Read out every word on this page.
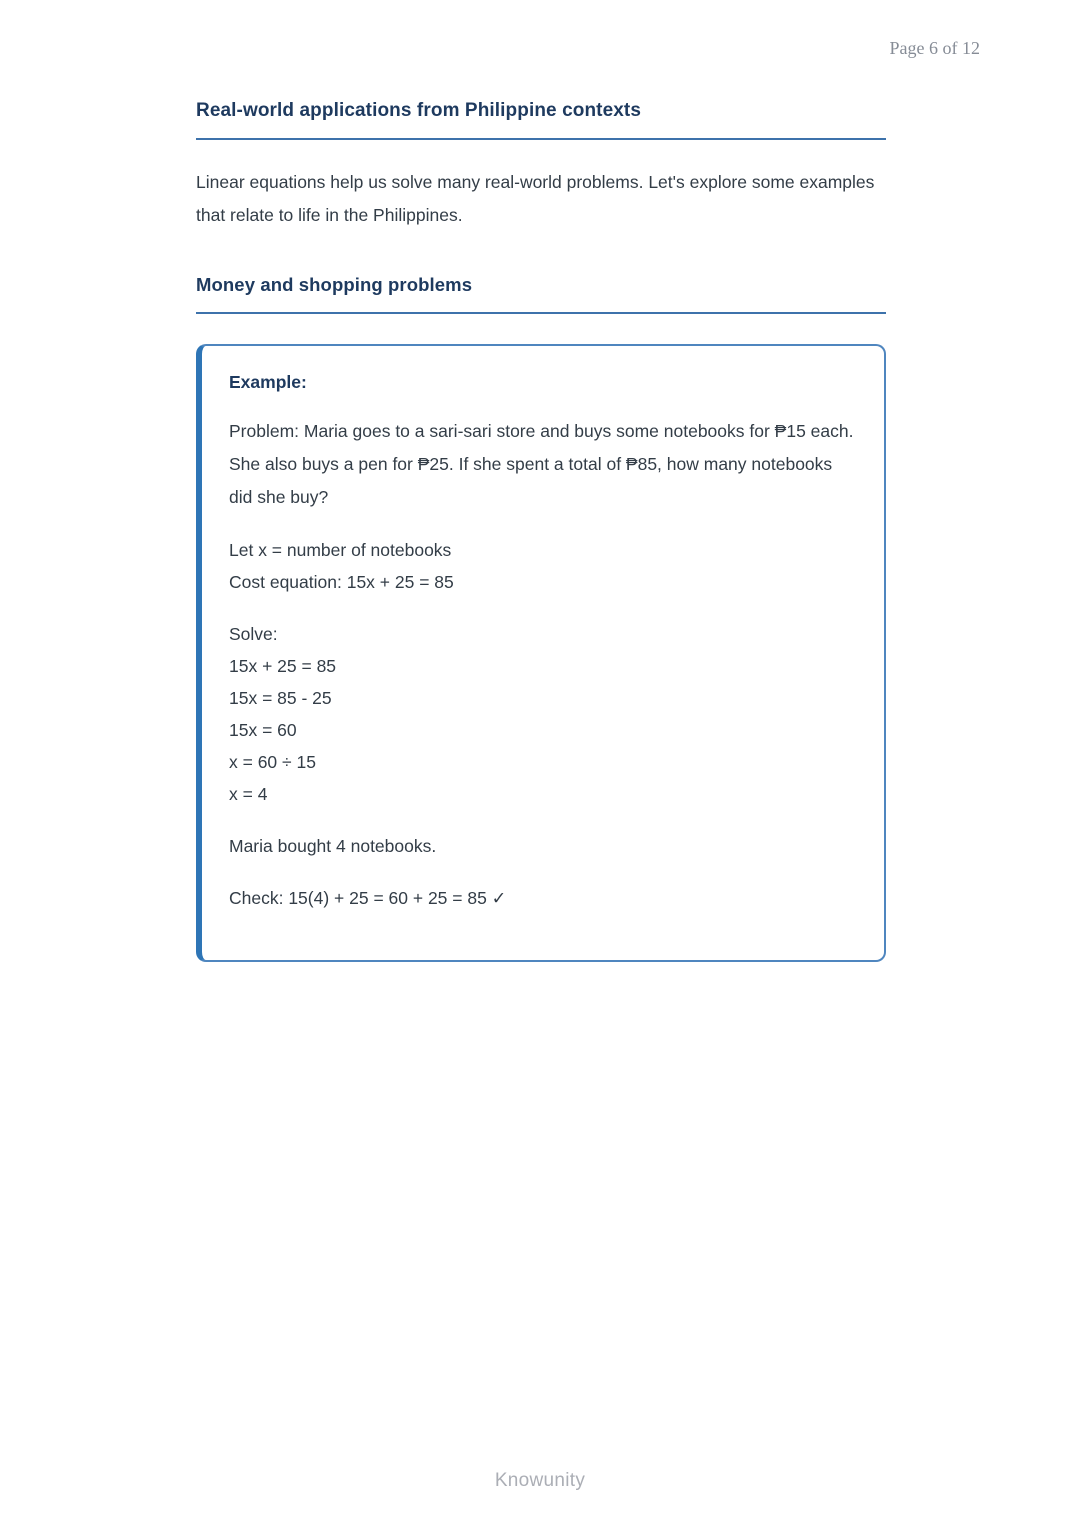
Page 6 of 12
Real-world applications from Philippine contexts

Linear equations help us solve many real-world problems. Let's explore some examples that relate to life in the Philippines.

Money and shopping problems

Example:

Problem: Maria goes to a sari-sari store and buys some notebooks for ₱15 each. She also buys a pen for ₱25. If she spent a total of ₱85, how many notebooks did she buy?

Let x = number of notebooks
Cost equation: 15x + 25 = 85
Solve:
15x + 25 = 85
15x = 85 - 25
15x = 60
x = 60 ÷ 15
x = 4

Maria bought 4 notebooks.

Check: 15(4) + 25 = 60 + 25 = 85 ✓

Knowunity
